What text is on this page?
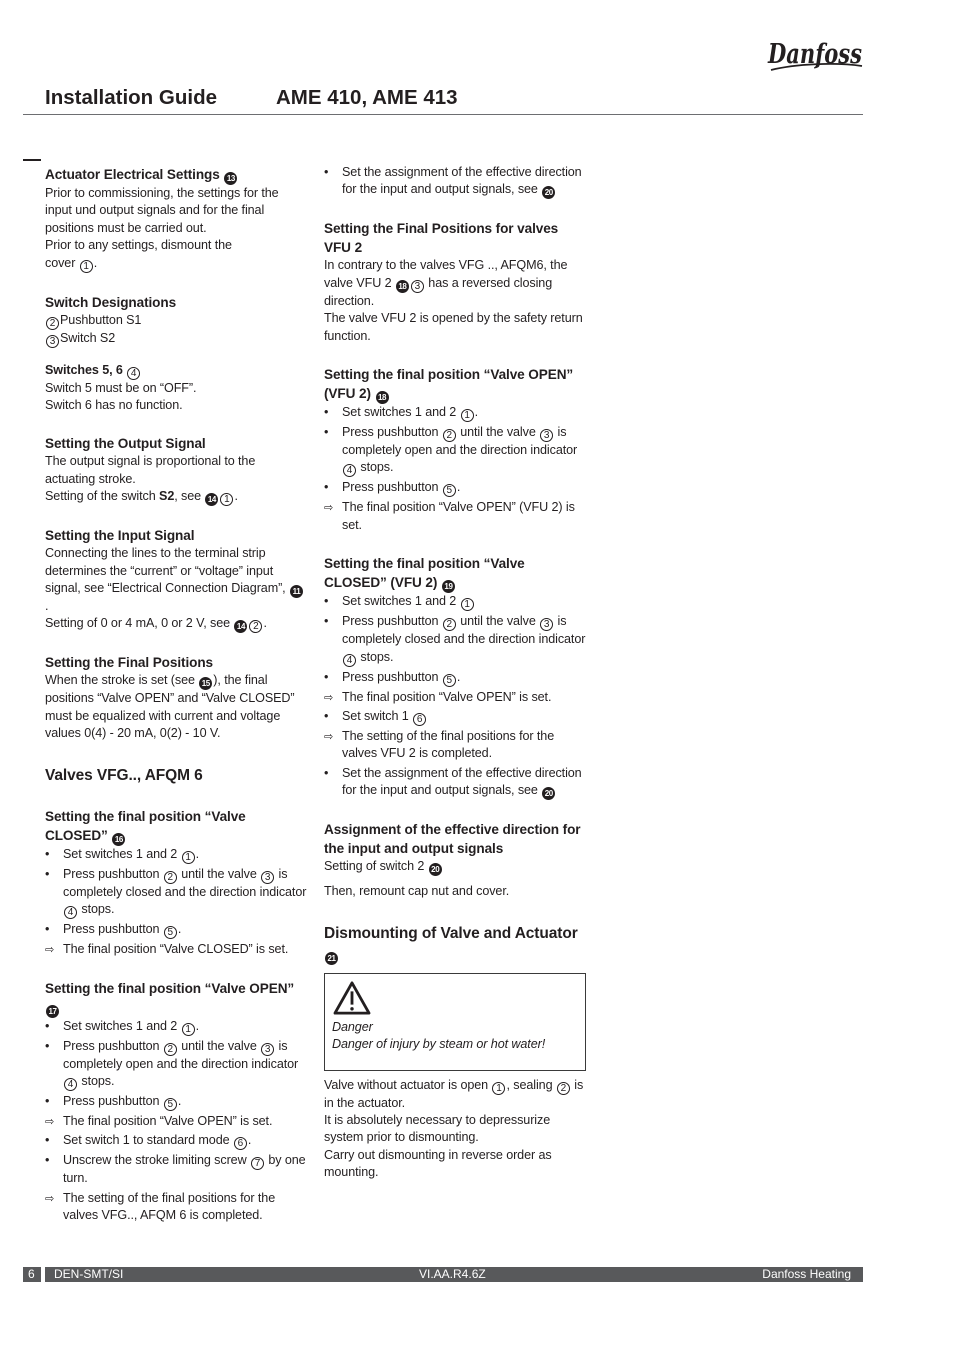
Danfoss
Installation Guide	AME 410, AME 413
Actuator Electrical Settings 13
Prior to commissioning, the settings for the input und output signals and for the final positions must be carried out.
Prior to any settings, dismount the
cover 1 .
Switch Designations
2 Pushbutton S1
3 Switch S2
Switches 5, 6 4
Switch 5 must be on “OFF”.
Switch 6 has no function.
Setting the Output Signal
The output signal is proportional to the actuating stroke.
Setting of the switch S2, see 14 1 .
Setting the Input Signal
Connecting the lines to the terminal strip determines the “current” or “voltage” input signal, see “Electrical Connection Diagram”, 11.
Setting of 0 or 4 mA, 0 or 2 V, see 14 2 .
Setting the Final Positions
When the stroke is set (see 15 ), the final positions “Valve OPEN” and “Valve CLOSED” must be equalized with current and voltage values 0(4) - 20 mA, 0(2) - 10 V.
Valves VFG.., AFQM 6
Setting the final position “Valve CLOSED” 16
•	Set switches 1 and 2 1 .
•	Press pushbutton 2 until the valve 3 is completely closed and the direction indicator 4 stops.
•	Press pushbutton 5 .
⇨ The final position “Valve CLOSED” is set.
Setting the final position “Valve OPEN” 17
•	Set switches 1 and 2 1 .
•	Press pushbutton 2 until the valve 3 is completely open and the direction indicator 4 stops.
•	Press pushbutton 5 .
⇨ The final position “Valve OPEN” is set.
•	Set switch 1 to standard mode 6 .
•	Unscrew the stroke limiting screw 7 by one turn.
⇨ The setting of the final positions for the valves VFG.., AFQM 6 is completed.
•	Set the assignment of the effective direction for the input and output signals, see 20
Setting the Final Positions for valves VFU 2
In contrary to the valves VFG .., AFQM6, the valve VFU 2 18 3 has a reversed closing direction.
The valve VFU 2 is opened by the safety return function.
Setting the final position “Valve OPEN” (VFU 2) 18
•	Set switches 1 and 2 1 .
•	Press pushbutton 2 until the valve 3 is completely open and the direction indicator 4 stops.
•	Press pushbutton 5 .
⇨ The final position “Valve OPEN” (VFU 2) is set.
Setting the final position “Valve CLOSED” (VFU 2) 19
•	Set switches 1 and 2 1
•	Press pushbutton 2 until the valve 3 is completely closed and the direction indicator 4 stops.
•	Press pushbutton 5 .
⇨ The final position “Valve OPEN” is set.
•	Set switch 1 6
⇨ The setting of the final positions for the valves VFU 2 is completed.
•	Set the assignment of the effective direction for the input and output signals, see 20
Assignment of the effective direction for the input and output signals
Setting of switch 2 20
Then, remount cap nut and cover.
Dismounting of Valve and Actuator 21
Danger
Danger of injury by steam or hot water!
Valve without actuator is open 1 , sealing 2 is in the actuator.
It is absolutely necessary to depressurize system prior to dismounting.
Carry out dismounting in reverse order as mounting.
6 DEN-SMT/SI	VI.AA.R4.6Z	Danfoss Heating
